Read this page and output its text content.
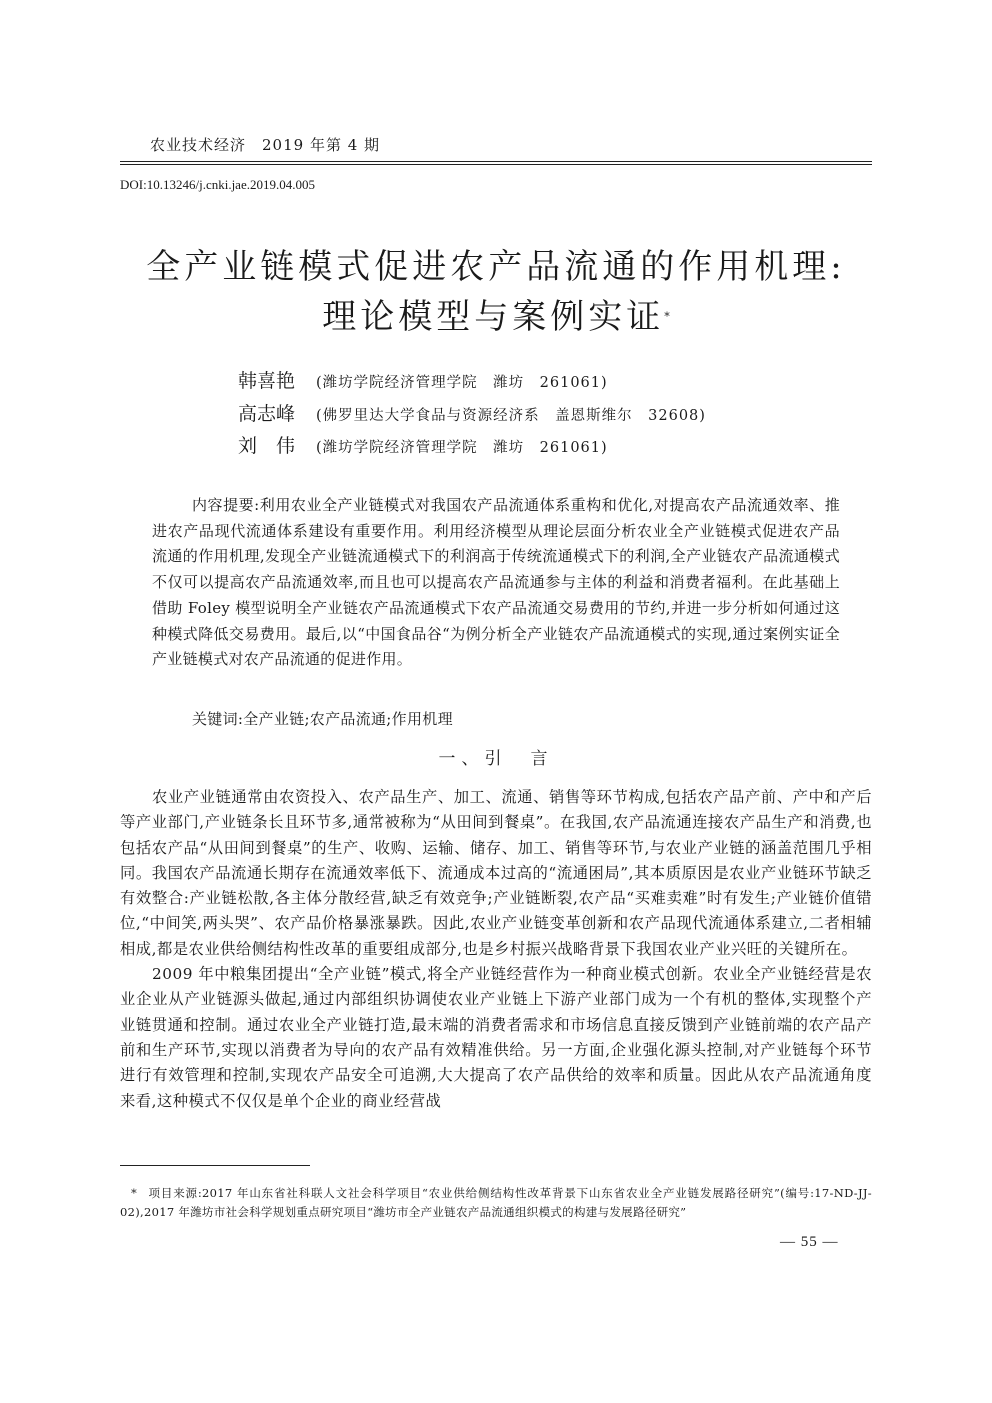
农业技术经济　2019 年第 4 期
DOI:10.13246/j.cnki.jae.2019.04.005
全产业链模式促进农产品流通的作用机理:
理论模型与案例实证*
韩喜艳	(潍坊学院经济管理学院　潍坊　261061)
高志峰	(佛罗里达大学食品与资源经济系　盖恩斯维尔　32608)
刘　伟	(潍坊学院经济管理学院　潍坊　261061)

内容提要:利用农业全产业链模式对我国农产品流通体系重构和优化,对提高农产品流通效率、推进农产品现代流通体系建设有重要作用。利用经济模型从理论层面分析农业全产业链模式促进农产品流通的作用机理,发现全产业链流通模式下的利润高于传统流通模式下的利润,全产业链农产品流通模式不仅可以提高农产品流通效率,而且也可以提高农产品流通参与主体的利益和消费者福利。在此基础上借助 Foley 模型说明全产业链农产品流通模式下农产品流通交易费用的节约,并进一步分析如何通过这种模式降低交易费用。最后,以“中国食品谷“为例分析全产业链农产品流通模式的实现,通过案例实证全产业链模式对农产品流通的促进作用。

关键词:全产业链;农产品流通;作用机理
一、引　言

农业产业链通常由农资投入、农产品生产、加工、流通、销售等环节构成,包括农产品产前、产中和产后等产业部门,产业链条长且环节多,通常被称为“从田间到餐桌”。在我国,农产品流通连接农产品生产和消费,也包括农产品“从田间到餐桌”的生产、收购、运输、储存、加工、销售等环节,与农业产业链的涵盖范围几乎相同。我国农产品流通长期存在流通效率低下、流通成本过高的“流通困局”,其本质原因是农业产业链环节缺乏有效整合:产业链松散,各主体分散经营,缺乏有效竞争;产业链断裂,农产品“买难卖难”时有发生;产业链价值错位,“中间笑,两头哭”、农产品价格暴涨暴跌。因此,农业产业链变革创新和农产品现代流通体系建立,二者相辅相成,都是农业供给侧结构性改革的重要组成部分,也是乡村振兴战略背景下我国农业产业兴旺的关键所在。

2009 年中粮集团提出“全产业链”模式,将全产业链经营作为一种商业模式创新。农业全产业链经营是农业企业从产业链源头做起,通过内部组织协调使农业产业链上下游产业部门成为一个有机的整体,实现整个产业链贯通和控制。通过农业全产业链打造,最末端的消费者需求和市场信息直接反馈到产业链前端的农产品产前和生产环节,实现以消费者为导向的农产品有效精准供给。另一方面,企业强化源头控制,对产业链每个环节进行有效管理和控制,实现农产品安全可追溯,大大提高了农产品供给的效率和质量。因此从农产品流通角度来看,这种模式不仅仅是单个企业的商业经营战

* 项目来源:2017 年山东省社科联人文社会科学项目“农业供给侧结构性改革背景下山东省农业全产业链发展路径研究”(编号:17-ND-JJ-02),2017 年潍坊市社会科学规划重点研究项目“潍坊市全产业链农产品流通组织模式的构建与发展路径研究”
— 55 —
